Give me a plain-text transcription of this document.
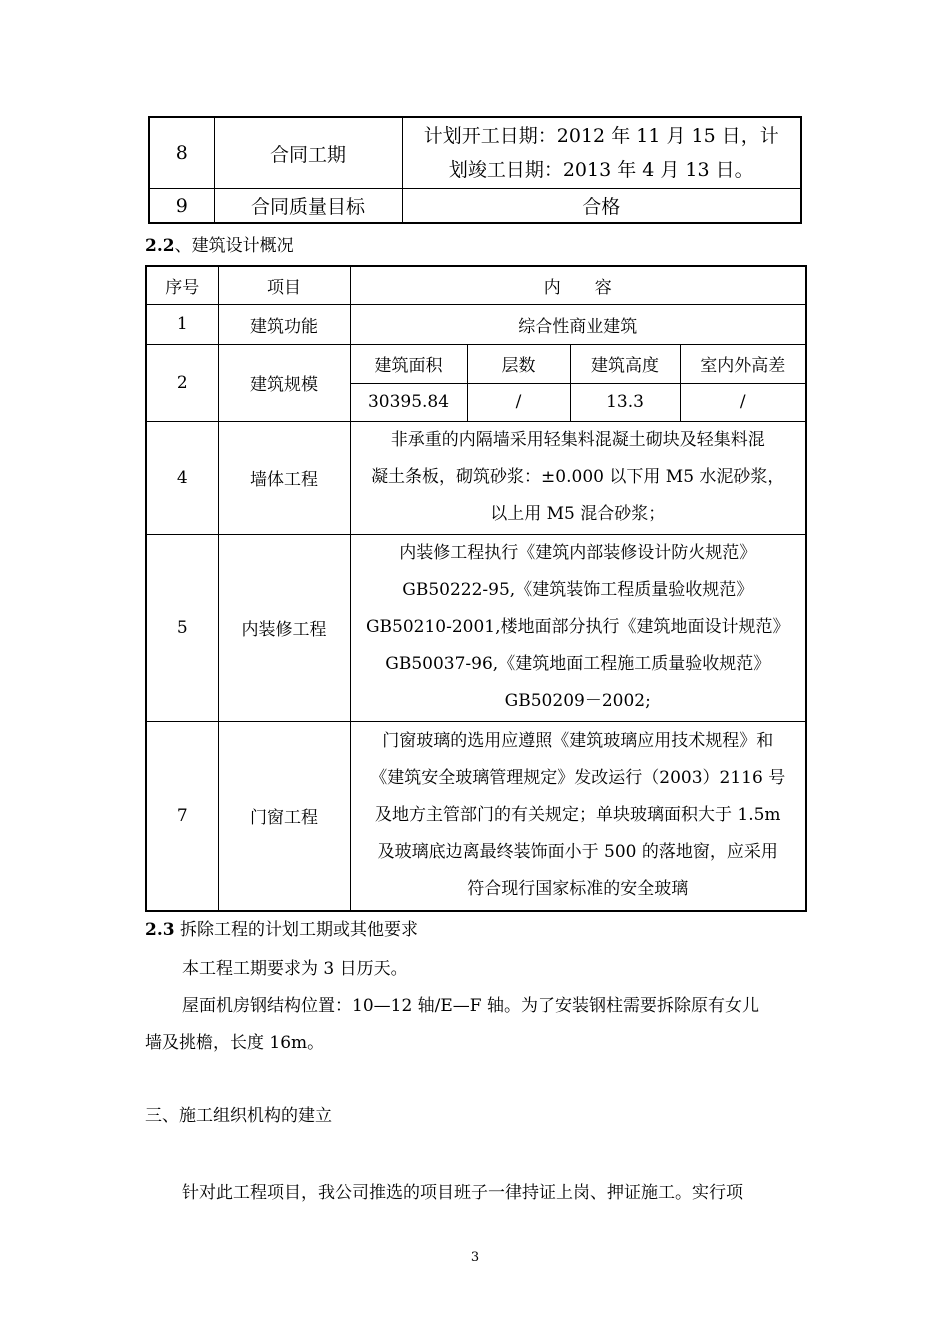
8	合同工期	计划开工日期：2012 年 11 月 15 日，计
划竣工日期：2013 年 4 月 13 日。

9	合同质量目标	合格
2.2、建筑设计概况
序号	项目	内　　容			
1	建筑功能	综合性商业建筑			
2	建筑规模	建筑面积	层数	建筑高度	室内外高差
		30395.84	/	13.3	/
4	墙体工程	非承重的内隔墙采用轻集料混凝土砌块及轻集料混
凝土条板，砌筑砂浆：±0.000 以下用 M5 水泥砂浆，
以上用 M5 混合砂浆；			

5	内装修工程	内装修工程执行《建筑内部装修设计防火规范》
GB50222-95,《建筑装饰工程质量验收规范》
GB50210-2001,楼地面部分执行《建筑地面设计规范》
GB50037-96,《建筑地面工程施工质量验收规范》
GB50209－2002;			

7	门窗工程	门窗玻璃的选用应遵照《建筑玻璃应用技术规程》和
《建筑安全玻璃管理规定》发改运行（2003）2116 号
及地方主管部门的有关规定；单块玻璃面积大于 1.5m
及玻璃底边离最终装饰面小于 500 的落地窗，应采用
符合现行国家标准的安全玻璃			
2.3 拆除工程的计划工期或其他要求
本工程工期要求为 3 日历天。
屋面机房钢结构位置：10—12 轴/E—F 轴。为了安装钢柱需要拆除原有女儿
墙及挑檐，长度 16m。
三、施工组织机构的建立
针对此工程项目，我公司推选的项目班子一律持证上岗、押证施工。实行项
3
